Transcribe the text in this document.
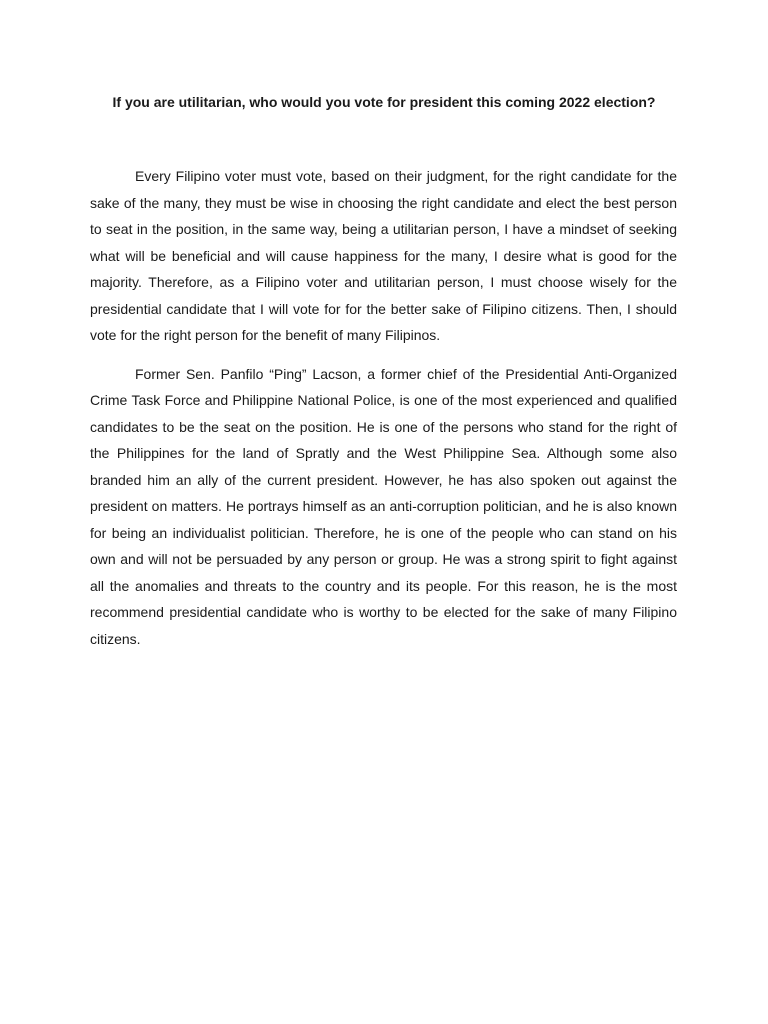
If you are utilitarian, who would you vote for president this coming 2022 election?

Every Filipino voter must vote, based on their judgment, for the right candidate for the sake of the many, they must be wise in choosing the right candidate and elect the best person to seat in the position, in the same way, being a utilitarian person, I have a mindset of seeking what will be beneficial and will cause happiness for the many, I desire what is good for the majority. Therefore, as a Filipino voter and utilitarian person, I must choose wisely for the presidential candidate that I will vote for for the better sake of Filipino citizens. Then, I should vote for the right person for the benefit of many Filipinos.

Former Sen. Panfilo “Ping” Lacson, a former chief of the Presidential Anti-Organized Crime Task Force and Philippine National Police, is one of the most experienced and qualified candidates to be the seat on the position. He is one of the persons who stand for the right of the Philippines for the land of Spratly and the West Philippine Sea. Although some also branded him an ally of the current president. However, he has also spoken out against the president on matters. He portrays himself as an anti-corruption politician, and he is also known for being an individualist politician. Therefore, he is one of the people who can stand on his own and will not be persuaded by any person or group. He was a strong spirit to fight against all the anomalies and threats to the country and its people. For this reason, he is the most recommend presidential candidate who is worthy to be elected for the sake of many Filipino citizens.
